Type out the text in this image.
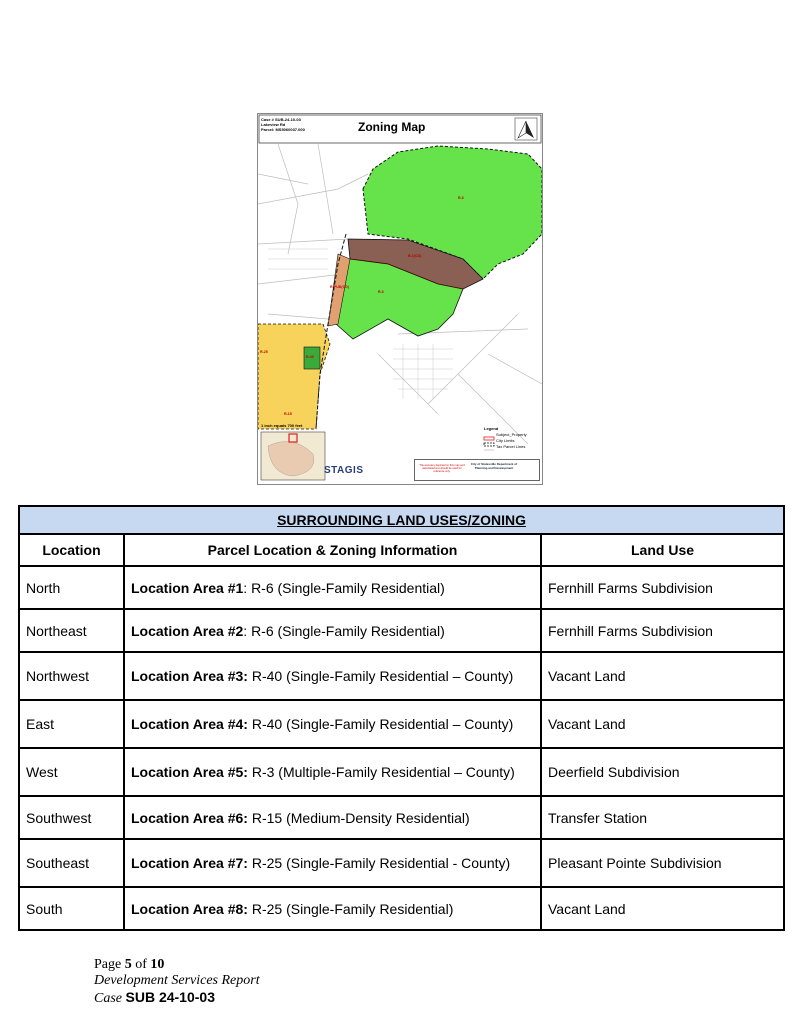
Case # SUB-24-10-03
Lakeview Rd
Parcel: MS5060037.000	Zoning Map
R-6
B-1(CD)
R-6
R-PUD(CD)
R-25
R-40
R-15
1 inch equals 700 feet
Legend
Subject_Property
City Limits
Tax Parcel Lines
STAGIS	The accuracy depicted on this map and associated text should be used for reference only.
City of Statesville Department of Planning and Development
SURROUNDING LAND USES/ZONING		
Location	Parcel Location & Zoning Information	Land Use
North	Location Area #1: R-6 (Single-Family Residential)	Fernhill Farms Subdivision
Northeast	Location Area #2: R-6 (Single-Family Residential)	Fernhill Farms Subdivision
Northwest	Location Area #3: R-40 (Single-Family Residential – County)	Vacant Land
East	Location Area #4: R-40 (Single-Family Residential – County)	Vacant Land
West	Location Area #5: R-3 (Multiple-Family Residential – County)	Deerfield Subdivision
Southwest	Location Area #6: R-15 (Medium-Density Residential)	Transfer Station
Southeast	Location Area #7: R-25 (Single-Family Residential - County)	Pleasant Pointe Subdivision
South	Location Area #8: R-25 (Single-Family Residential)	Vacant Land
Page 5 of 10
Development Services Report
Case SUB 24-10-03
